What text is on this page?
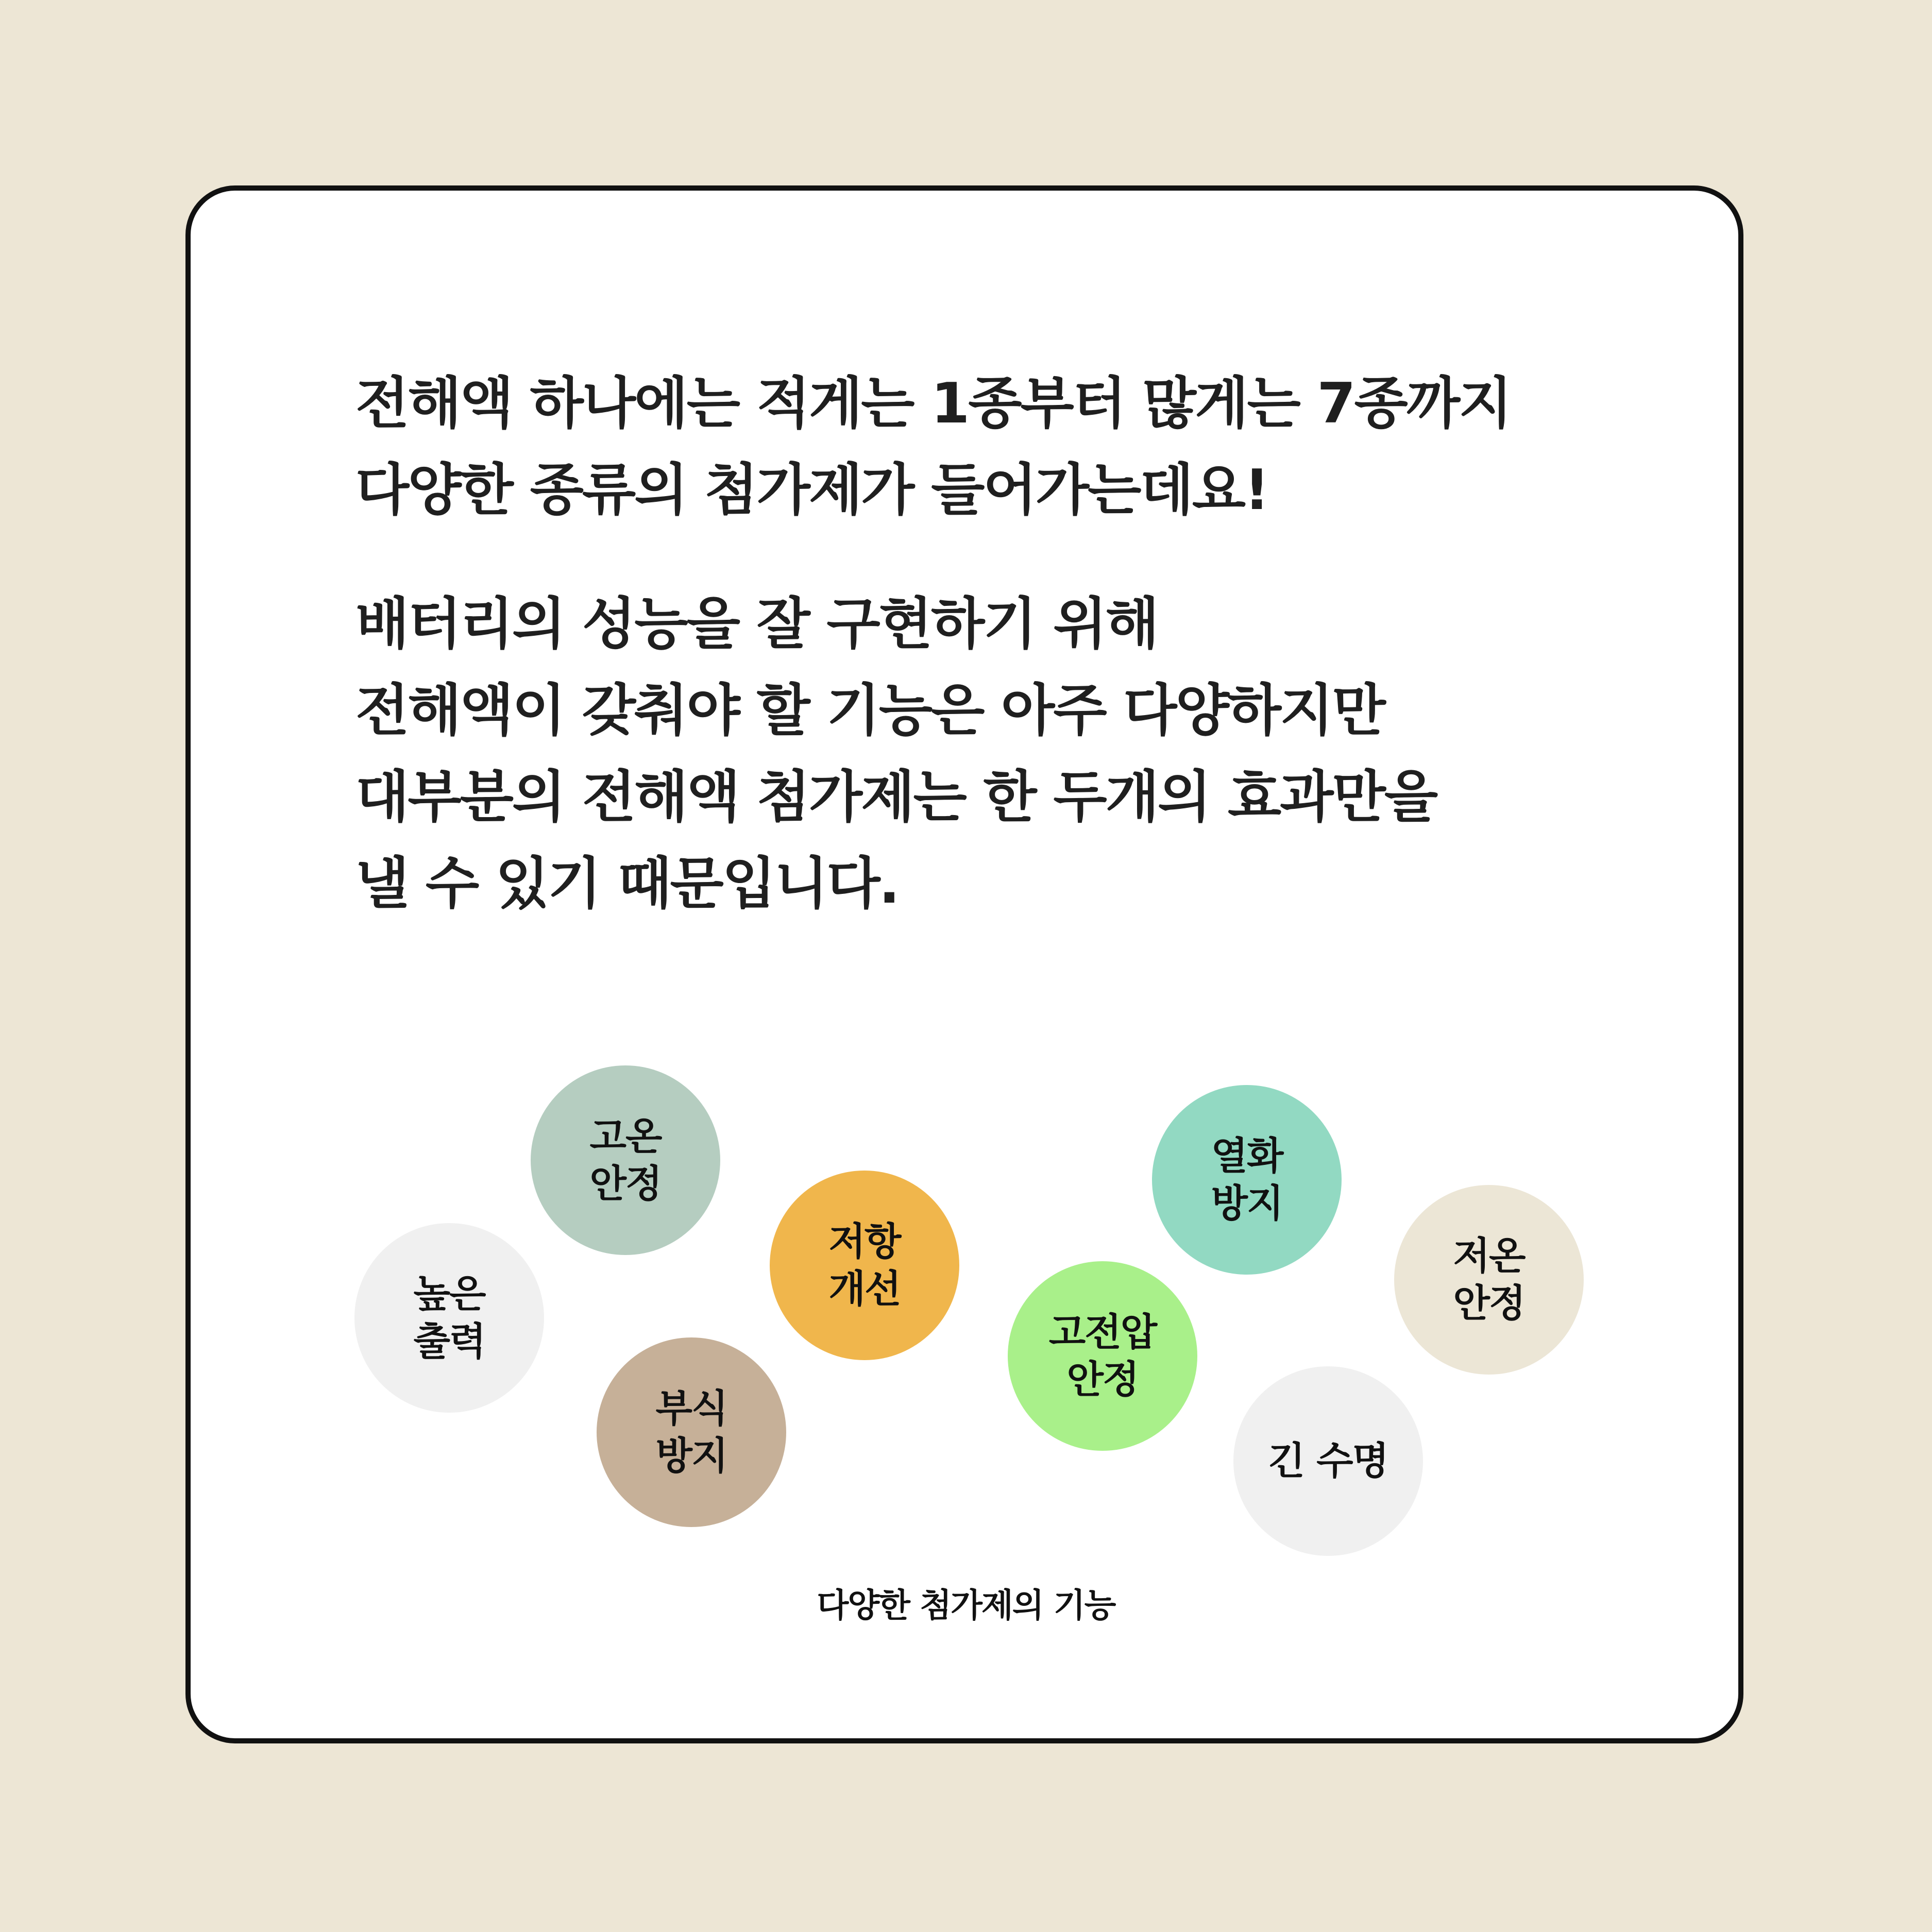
전해액 하나에는 적게는 1종부터 많게는 7종까지
다양한 종류의 첨가제가 들어가는데요!

배터리의 성능을 잘 구현하기 위해
전해액이 갖춰야 할 기능은 아주 다양하지만
대부분의 전해액 첨가제는 한 두개의 효과만을
낼 수 있기 때문입니다.

고온
안정
높은
출력
부식
방지
저항
개선
고전압
안정
열화
방지
긴 수명
저온
안정
다양한 첨가제의 기능
